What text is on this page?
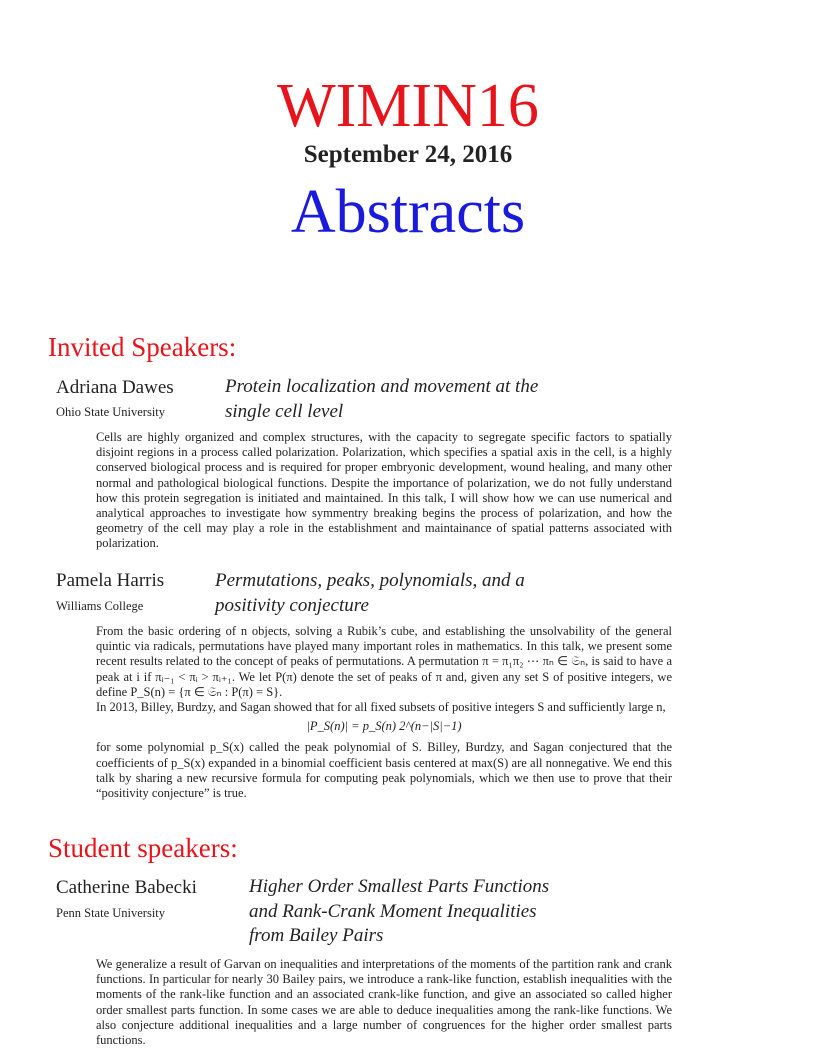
WIMIN16
September 24, 2016
Abstracts
Invited Speakers:
Adriana Dawes
Ohio State University
Protein localization and movement at the
single cell level

Cells are highly organized and complex structures, with the capacity to segregate specific factors to spatially disjoint regions in a process called polarization. Polarization, which specifies a spatial axis in the cell, is a highly conserved biological process and is required for proper embryonic development, wound healing, and many other normal and pathological biological functions. Despite the importance of polarization, we do not fully understand how this protein segregation is initiated and maintained. In this talk, I will show how we can use numerical and analytical approaches to investigate how symmentry breaking begins the process of polarization, and how the geometry of the cell may play a role in the establishment and maintainance of spatial patterns associated with polarization.

Pamela Harris
Williams College
Permutations, peaks, polynomials, and a
positivity conjecture

From the basic ordering of n objects, solving a Rubik’s cube, and establishing the unsolvability of the general quintic via radicals, permutations have played many important roles in mathematics. In this talk, we present some recent results related to the concept of peaks of permutations. A permutation π = π₁π₂ ⋯ πₙ ∈ 𝔖ₙ, is said to have a peak at i if πᵢ₋₁ < πᵢ > πᵢ₊₁. We let P(π) denote the set of peaks of π and, given any set S of positive integers, we define P_S(n) = {π ∈ 𝔖ₙ : P(π) = S}.

In 2013, Billey, Burdzy, and Sagan showed that for all fixed subsets of positive integers S and sufficiently large n,

|P_S(n)| = p_S(n) 2^(n−|S|−1)

for some polynomial p_S(x) called the peak polynomial of S. Billey, Burdzy, and Sagan conjectured that the coefficients of p_S(x) expanded in a binomial coefficient basis centered at max(S) are all nonnegative. We end this talk by sharing a new recursive formula for computing peak polynomials, which we then use to prove that their “positivity conjecture” is true.

Student speakers:
Catherine Babecki
Penn State University
Higher Order Smallest Parts Functions
and Rank-Crank Moment Inequalities
from Bailey Pairs

We generalize a result of Garvan on inequalities and interpretations of the moments of the partition rank and crank functions. In particular for nearly 30 Bailey pairs, we introduce a rank-like function, establish inequalities with the moments of the rank-like function and an associated crank-like function, and give an associated so called higher order smallest parts function. In some cases we are able to deduce inequalities among the rank-like functions. We also conjecture additional inequalities and a large number of congruences for the higher order smallest parts functions.
